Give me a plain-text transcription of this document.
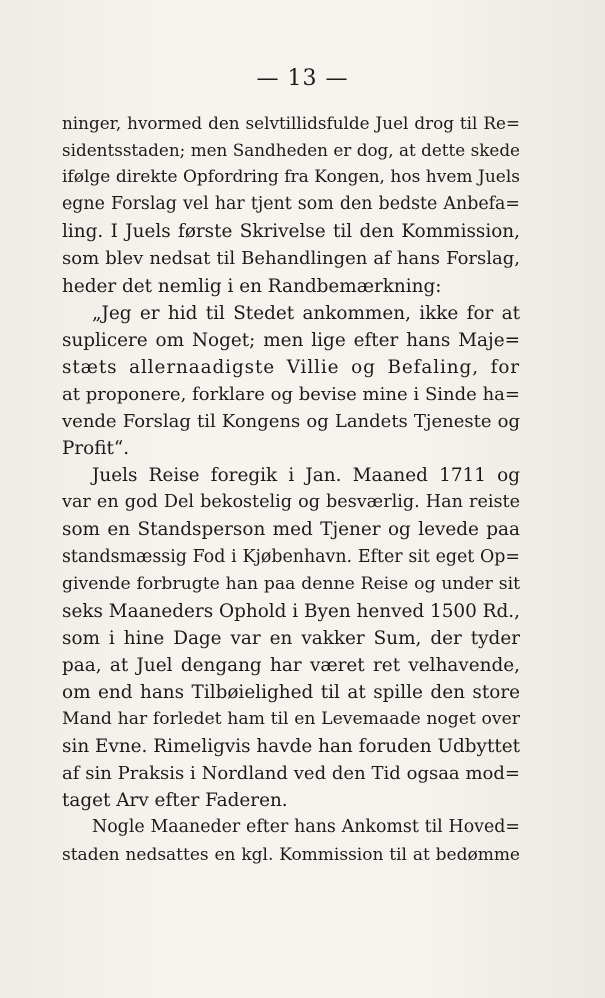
— 13 —
ninger, hvormed den selvtillidsfulde Juel drog til Re=
sidentsstaden; men Sandheden er dog, at dette skede
ifølge direkte Opfordring fra Kongen, hos hvem Juels
egne Forslag vel har tjent som den bedste Anbefa=
ling. I Juels første Skrivelse til den Kommission,
som blev nedsat til Behandlingen af hans Forslag,
heder det nemlig i en Randbemærkning:
„Jeg er hid til Stedet ankommen, ikke for at
suplicere om Noget; men lige efter hans Maje=
stæts allernaadigste Villie og Befaling, for
at proponere, forklare og bevise mine i Sinde ha=
vende Forslag til Kongens og Landets Tjeneste og
Profit“.
Juels Reise foregik i Jan. Maaned 1711 og
var en god Del bekostelig og besværlig. Han reiste
som en Standsperson med Tjener og levede paa
standsmæssig Fod i Kjøbenhavn. Efter sit eget Op=
givende forbrugte han paa denne Reise og under sit
seks Maaneders Ophold i Byen henved 1500 Rd.,
som i hine Dage var en vakker Sum, der tyder
paa, at Juel dengang har været ret velhavende,
om end hans Tilbøielighed til at spille den store
Mand har forledet ham til en Levemaade noget over
sin Evne. Rimeligvis havde han foruden Udbyttet
af sin Praksis i Nordland ved den Tid ogsaa mod=
taget Arv efter Faderen.
Nogle Maaneder efter hans Ankomst til Hoved=
staden nedsattes en kgl. Kommission til at bedømme
